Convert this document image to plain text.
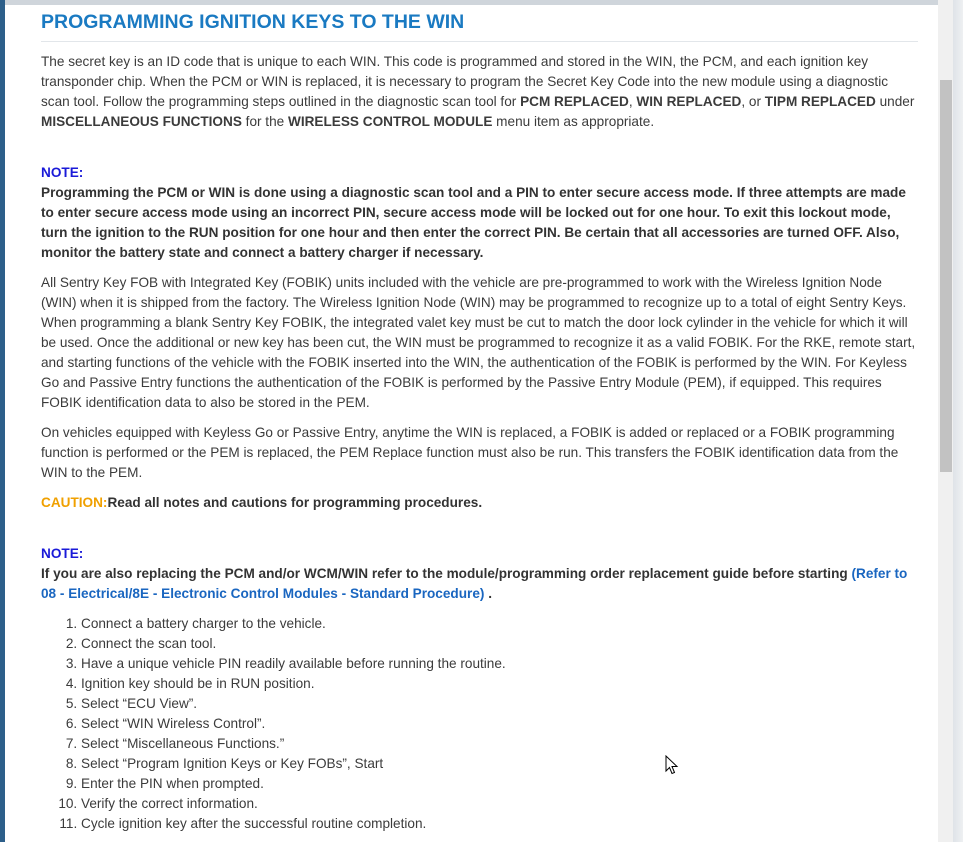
PROGRAMMING IGNITION KEYS TO THE WIN

The secret key is an ID code that is unique to each WIN. This code is programmed and stored in the WIN, the PCM, and each ignition key transponder chip. When the PCM or WIN is replaced, it is necessary to program the Secret Key Code into the new module using a diagnostic scan tool. Follow the programming steps outlined in the diagnostic scan tool for PCM REPLACED, WIN REPLACED, or TIPM REPLACED under MISCELLANEOUS FUNCTIONS for the WIRELESS CONTROL MODULE menu item as appropriate.

NOTE:

Programming the PCM or WIN is done using a diagnostic scan tool and a PIN to enter secure access mode. If three attempts are made to enter secure access mode using an incorrect PIN, secure access mode will be locked out for one hour. To exit this lockout mode, turn the ignition to the RUN position for one hour and then enter the correct PIN. Be certain that all accessories are turned OFF. Also, monitor the battery state and connect a battery charger if necessary.

All Sentry Key FOB with Integrated Key (FOBIK) units included with the vehicle are pre-programmed to work with the Wireless Ignition Node (WIN) when it is shipped from the factory. The Wireless Ignition Node (WIN) may be programmed to recognize up to a total of eight Sentry Keys. When programming a blank Sentry Key FOBIK, the integrated valet key must be cut to match the door lock cylinder in the vehicle for which it will be used. Once the additional or new key has been cut, the WIN must be programmed to recognize it as a valid FOBIK. For the RKE, remote start, and starting functions of the vehicle with the FOBIK inserted into the WIN, the authentication of the FOBIK is performed by the WIN. For Keyless Go and Passive Entry functions the authentication of the FOBIK is performed by the Passive Entry Module (PEM), if equipped. This requires FOBIK identification data to also be stored in the PEM.

On vehicles equipped with Keyless Go or Passive Entry, anytime the WIN is replaced, a FOBIK is added or replaced or a FOBIK programming function is performed or the PEM is replaced, the PEM Replace function must also be run. This transfers the FOBIK identification data from the WIN to the PEM.

CAUTION:Read all notes and cautions for programming procedures.

NOTE:

If you are also replacing the PCM and/or WCM/WIN refer to the module/programming order replacement guide before starting (Refer to 08 - Electrical/8E - Electronic Control Modules - Standard Procedure) .

1. Connect a battery charger to the vehicle.
2. Connect the scan tool.
3. Have a unique vehicle PIN readily available before running the routine.
4. Ignition key should be in RUN position.
5. Select “ECU View”.
6. Select “WIN Wireless Control”.
7. Select “Miscellaneous Functions.”
8. Select “Program Ignition Keys or Key FOBs”, Start
9. Enter the PIN when prompted.
10. Verify the correct information.
11. Cycle ignition key after the successful routine completion.
